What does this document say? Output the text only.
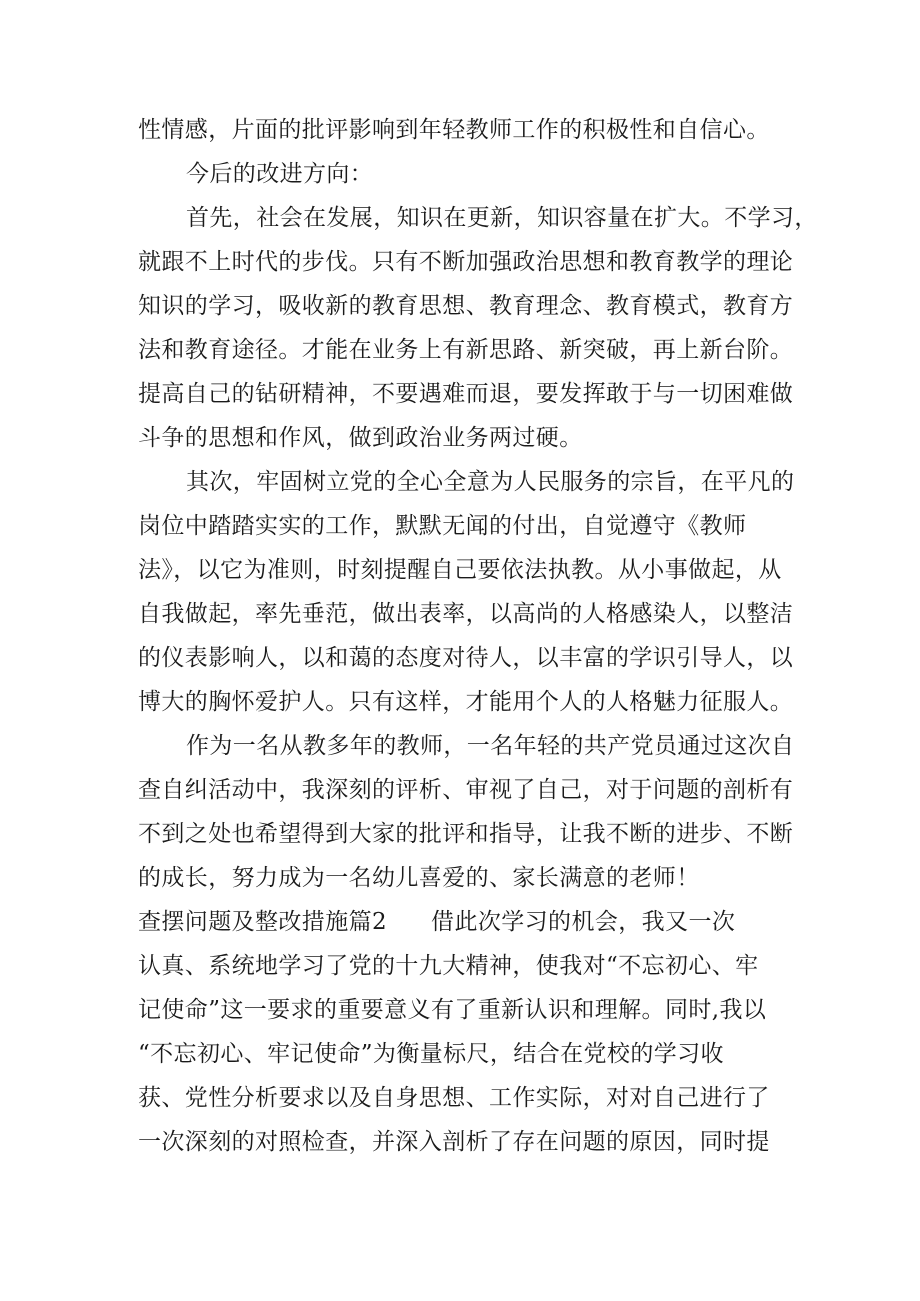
性情感，片面的批评影响到年轻教师工作的积极性和自信心。
今后的改进方向：
首先，社会在发展，知识在更新，知识容量在扩大。不学习，
就跟不上时代的步伐。只有不断加强政治思想和教育教学的理论
知识的学习，吸收新的教育思想、教育理念、教育模式，教育方
法和教育途径。才能在业务上有新思路、新突破，再上新台阶。
提高自己的钻研精神，不要遇难而退，要发挥敢于与一切困难做
斗争的思想和作风，做到政治业务两过硬。
其次，牢固树立党的全心全意为人民服务的宗旨，在平凡的
岗位中踏踏实实的工作，默默无闻的付出，自觉遵守《教师
法》，以它为准则，时刻提醒自己要依法执教。从小事做起，从
自我做起，率先垂范，做出表率，以高尚的人格感染人，以整洁
的仪表影响人，以和蔼的态度对待人，以丰富的学识引导人，以
博大的胸怀爱护人。只有这样，才能用个人的人格魅力征服人。
作为一名从教多年的教师，一名年轻的共产党员通过这次自
查自纠活动中，我深刻的评析、审视了自己，对于问题的剖析有
不到之处也希望得到大家的批评和指导，让我不断的进步、不断
的成长，努力成为一名幼儿喜爱的、家长满意的老师！
查摆问题及整改措施篇2 借此次学习的机会，我又一次
认真、系统地学习了党的十九大精神，使我对“不忘初心、牢
记使命”这一要求的重要意义有了重新认识和理解。同时,我以
“不忘初心、牢记使命”为衡量标尺，结合在党校的学习收
获、党性分析要求以及自身思想、工作实际，对对自己进行了
一次深刻的对照检查，并深入剖析了存在问题的原因，同时提
